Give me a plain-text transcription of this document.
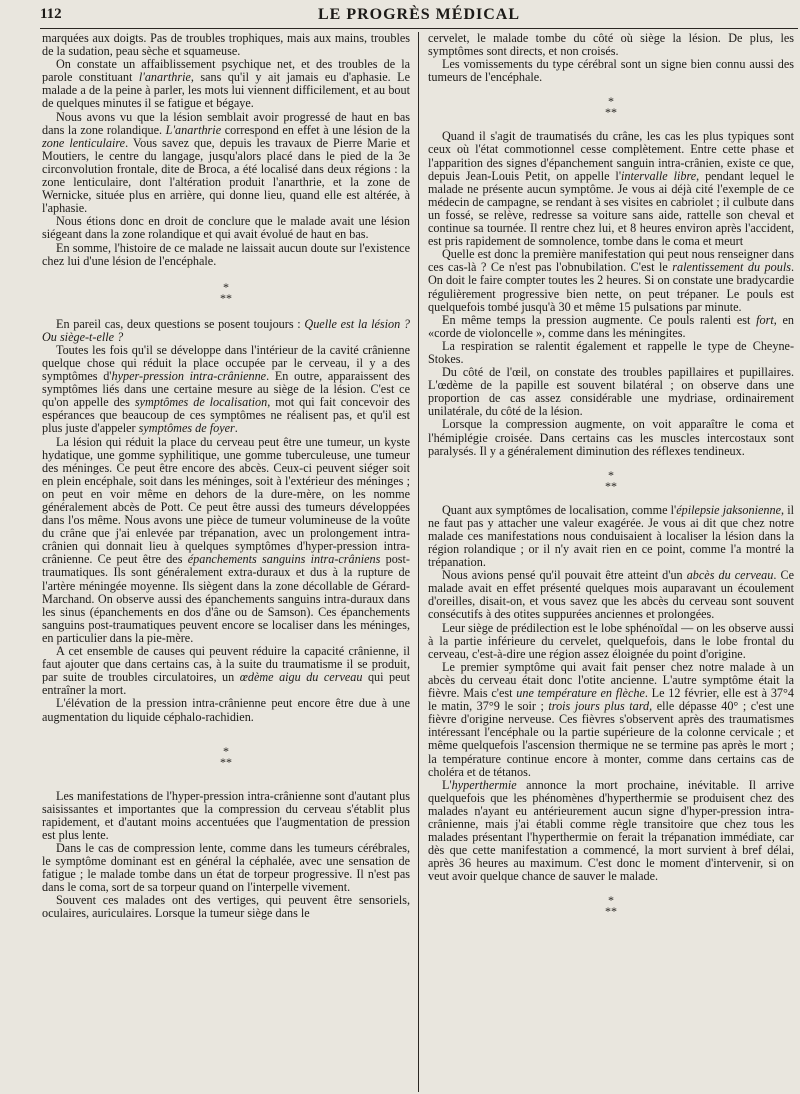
112	LE PROGRÈS MÉDICAL

marquées aux doigts. Pas de troubles trophiques, mais aux mains, troubles de la sudation, peau sèche et squameuse.

On constate un affaiblissement psychique net, et des troubles de la parole constituant l'anarthrie, sans qu'il y ait jamais eu d'aphasie. Le malade a de la peine à parler, les mots lui viennent difficilement, et au bout de quelques minutes il se fatigue et bégaye.

Nous avons vu que la lésion semblait avoir progressé de haut en bas dans la zone rolandique. L'anarthrie correspond en effet à une lésion de la zone lenticulaire. Vous savez que, depuis les travaux de Pierre Marie et Moutiers, le centre du langage, jusqu'alors placé dans le pied de la 3e circonvolution frontale, dite de Broca, a été localisé dans deux régions : la zone lenticulaire, dont l'altération produit l'anarthrie, et la zone de Wernicke, située plus en arrière, qui donne lieu, quand elle est altérée, à l'aphasie.

Nous étions donc en droit de conclure que le malade avait une lésion siégeant dans la zone rolandique et qui avait évolué de haut en bas.

En somme, l'histoire de ce malade ne laissait aucun doute sur l'existence chez lui d'une lésion de l'encéphale.

*
**

En pareil cas, deux questions se posent toujours : Quelle est la lésion ? Ou siège-t-elle ?

Toutes les fois qu'il se développe dans l'intérieur de la cavité crânienne quelque chose qui réduit la place occupée par le cerveau, il y a des symptômes d'hyper-pression intra-crânienne. En outre, apparaissent des symptômes liés dans une certaine mesure au siège de la lésion. C'est ce qu'on appelle des symptômes de localisation, mot qui fait concevoir des espérances que beaucoup de ces symptômes ne réalisent pas, et qu'il est plus juste d'appeler symptômes de foyer.

La lésion qui réduit la place du cerveau peut être une tumeur, un kyste hydatique, une gomme syphilitique, une gomme tuberculeuse, une tumeur des méninges. Ce peut être encore des abcès. Ceux-ci peuvent siéger soit en plein encéphale, soit dans les méninges, soit à l'extérieur des méninges ; on peut en voir même en dehors de la dure-mère, on les nomme généralement abcès de Pott. Ce peut être aussi des tumeurs développées dans l'os même. Nous avons une pièce de tumeur volumineuse de la voûte du crâne que j'ai enlevée par trépanation, avec un prolongement intra-crânien qui donnait lieu à quelques symptômes d'hyper-pression intra-crânienne. Ce peut être des épanchements sanguins intra-crâniens post-traumatiques. Ils sont généralement extra-duraux et dus à la rupture de l'artère méningée moyenne. Ils siègent dans la zone décollable de Gérard-Marchand. On observe aussi des épanchements sanguins intra-duraux dans les sinus (épanchements en dos d'âne ou de Samson). Ces épanchements sanguins post-traumatiques peuvent encore se localiser dans les méninges, en particulier dans la pie-mère.

A cet ensemble de causes qui peuvent réduire la capacité crânienne, il faut ajouter que dans certains cas, à la suite du traumatisme il se produit, par suite de troubles circulatoires, un œdème aigu du cerveau qui peut entraîner la mort.

L'élévation de la pression intra-crânienne peut encore être due à une augmentation du liquide céphalo-rachidien.

*
**

Les manifestations de l'hyper-pression intra-crânienne sont d'autant plus saisissantes et importantes que la compression du cerveau s'établit plus rapidement, et d'autant moins accentuées que l'augmentation de pression est plus lente.

Dans le cas de compression lente, comme dans les tumeurs cérébrales, le symptôme dominant est en général la céphalée, avec une sensation de fatigue ; le malade tombe dans un état de torpeur progressive. Il n'est pas dans le coma, sort de sa torpeur quand on l'interpelle vivement.

Souvent ces malades ont des vertiges, qui peuvent être sensoriels, oculaires, auriculaires. Lorsque la tumeur siège dans le

cervelet, le malade tombe du côté où siège la lésion. De plus, les symptômes sont directs, et non croisés.

Les vomissements du type cérébral sont un signe bien connu aussi des tumeurs de l'encéphale.

*
**

Quand il s'agit de traumatisés du crâne, les cas les plus typiques sont ceux où l'état commotionnel cesse complètement. Entre cette phase et l'apparition des signes d'épanchement sanguin intra-crânien, existe ce que, depuis Jean-Louis Petit, on appelle l'intervalle libre, pendant lequel le malade ne présente aucun symptôme. Je vous ai déjà cité l'exemple de ce médecin de campagne, se rendant à ses visites en cabriolet ; il culbute dans un fossé, se relève, redresse sa voiture sans aide, rattelle son cheval et continue sa tournée. Il rentre chez lui, et 8 heures environ après l'accident, est pris rapidement de somnolence, tombe dans le coma et meurt

Quelle est donc la première manifestation qui peut nous renseigner dans ces cas-là ? Ce n'est pas l'obnubilation. C'est le ralentissement du pouls. On doit le faire compter toutes les 2 heures. Si on constate une bradycardie régulièrement progressive bien nette, on peut trépaner. Le pouls est quelquefois tombé jusqu'à 30 et même 15 pulsations par minute.

En même temps la pression augmente. Ce pouls ralenti est fort, en «corde de violoncelle », comme dans les méningites.

La respiration se ralentit également et rappelle le type de Cheyne-Stokes.

Du côté de l'œil, on constate des troubles papillaires et pupillaires. L'œdème de la papille est souvent bilatéral ; on observe dans une proportion de cas assez considérable une mydriase, ordinairement unilatérale, du côté de la lésion.

Lorsque la compression augmente, on voit apparaître le coma et l'hémiplégie croisée. Dans certains cas les muscles intercostaux sont paralysés. Il y a généralement diminution des réflexes tendineux.

*
**

Quant aux symptômes de localisation, comme l'épilepsie jaksonienne, il ne faut pas y attacher une valeur exagérée. Je vous ai dit que chez notre malade ces manifestations nous conduisaient à localiser la lésion dans la région rolandique ; or il n'y avait rien en ce point, comme l'a montré la trépanation.

Nous avions pensé qu'il pouvait être atteint d'un abcès du cerveau. Ce malade avait en effet présenté quelques mois auparavant un écoulement d'oreilles, disait-on, et vous savez que les abcès du cerveau sont souvent consécutifs à des otites suppurées anciennes et prolongées.

Leur siège de prédilection est le lobe sphénoïdal — on les observe aussi à la partie inférieure du cervelet, quelquefois, dans le lobe frontal du cerveau, c'est-à-dire une région assez éloignée du point d'origine.

Le premier symptôme qui avait fait penser chez notre malade à un abcès du cerveau était donc l'otite ancienne. L'autre symptôme était la fièvre. Mais c'est une température en flèche. Le 12 février, elle est à 37°4 le matin, 37°9 le soir ; trois jours plus tard, elle dépasse 40° ; c'est une fièvre d'origine nerveuse. Ces fièvres s'observent après des traumatismes intéressant l'encéphale ou la partie supérieure de la colonne cervicale ; et même quelquefois l'ascension thermique ne se termine pas après le mort ; la température continue encore à monter, comme dans certains cas de choléra et de tétanos.

L'hyperthermie annonce la mort prochaine, inévitable. Il arrive quelquefois que les phénomènes d'hyperthermie se produisent chez des malades n'ayant eu antérieurement aucun signe d'hyper-pression intra-crânienne, mais j'ai établi comme règle transitoire que chez tous les malades présentant l'hyperthermie on ferait la trépanation immédiate, car dès que cette manifestation a commencé, la mort survient à bref délai, après 36 heures au maximum. C'est donc le moment d'intervenir, si on veut avoir quelque chance de sauver le malade.

*
**
